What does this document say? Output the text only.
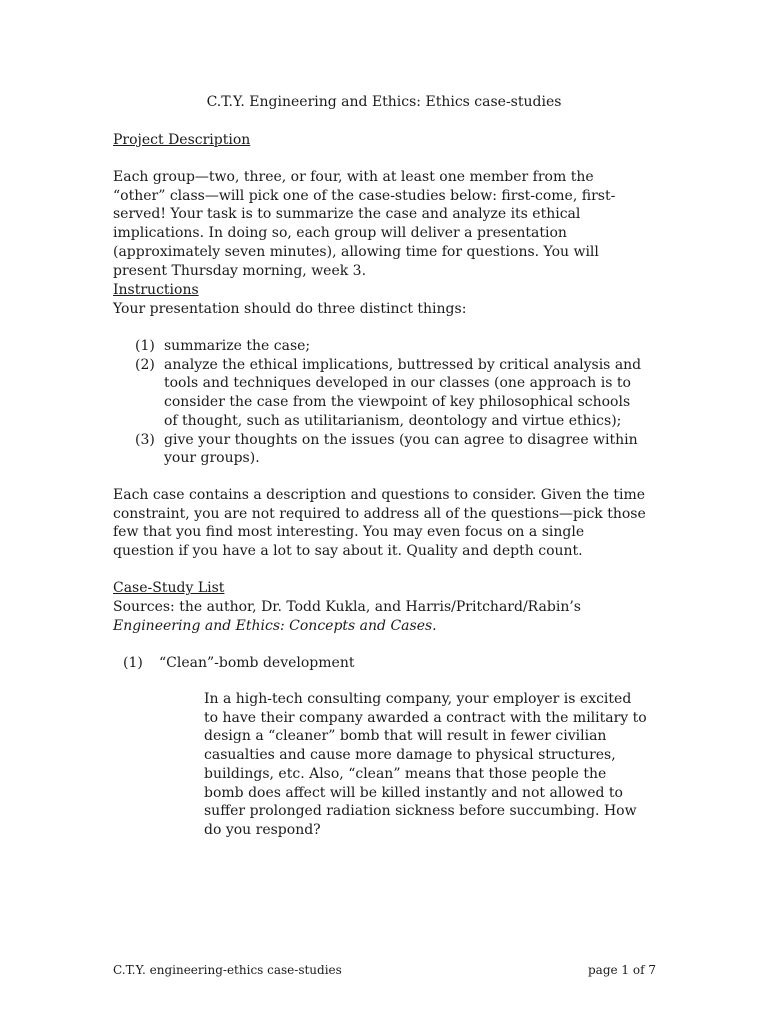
C.T.Y. Engineering and Ethics: Ethics case-studies
Project Description
Each group—two, three, or four, with at least one member from the “other” class—will pick one of the case-studies below: first-come, first-served! Your task is to summarize the case and analyze its ethical implications. In doing so, each group will deliver a presentation (approximately seven minutes), allowing time for questions. You will present Thursday morning, week 3.
Instructions
Your presentation should do three distinct things:
(1) summarize the case;
(2) analyze the ethical implications, buttressed by critical analysis and tools and techniques developed in our classes (one approach is to consider the case from the viewpoint of key philosophical schools of thought, such as utilitarianism, deontology and virtue ethics);
(3) give your thoughts on the issues (you can agree to disagree within your groups).
Each case contains a description and questions to consider. Given the time constraint, you are not required to address all of the questions—pick those few that you find most interesting. You may even focus on a single question if you have a lot to say about it. Quality and depth count.
Case-Study List
Sources: the author, Dr. Todd Kukla, and Harris/Pritchard/Rabin’s
Engineering and Ethics: Concepts and Cases.
(1)	“Clean”-bomb development
In a high-tech consulting company, your employer is excited to have their company awarded a contract with the military to design a “cleaner” bomb that will result in fewer civilian casualties and cause more damage to physical structures, buildings, etc. Also, “clean” means that those people the bomb does affect will be killed instantly and not allowed to suffer prolonged radiation sickness before succumbing. How do you respond?
C.T.Y. engineering-ethics case-studies	page 1 of 7
